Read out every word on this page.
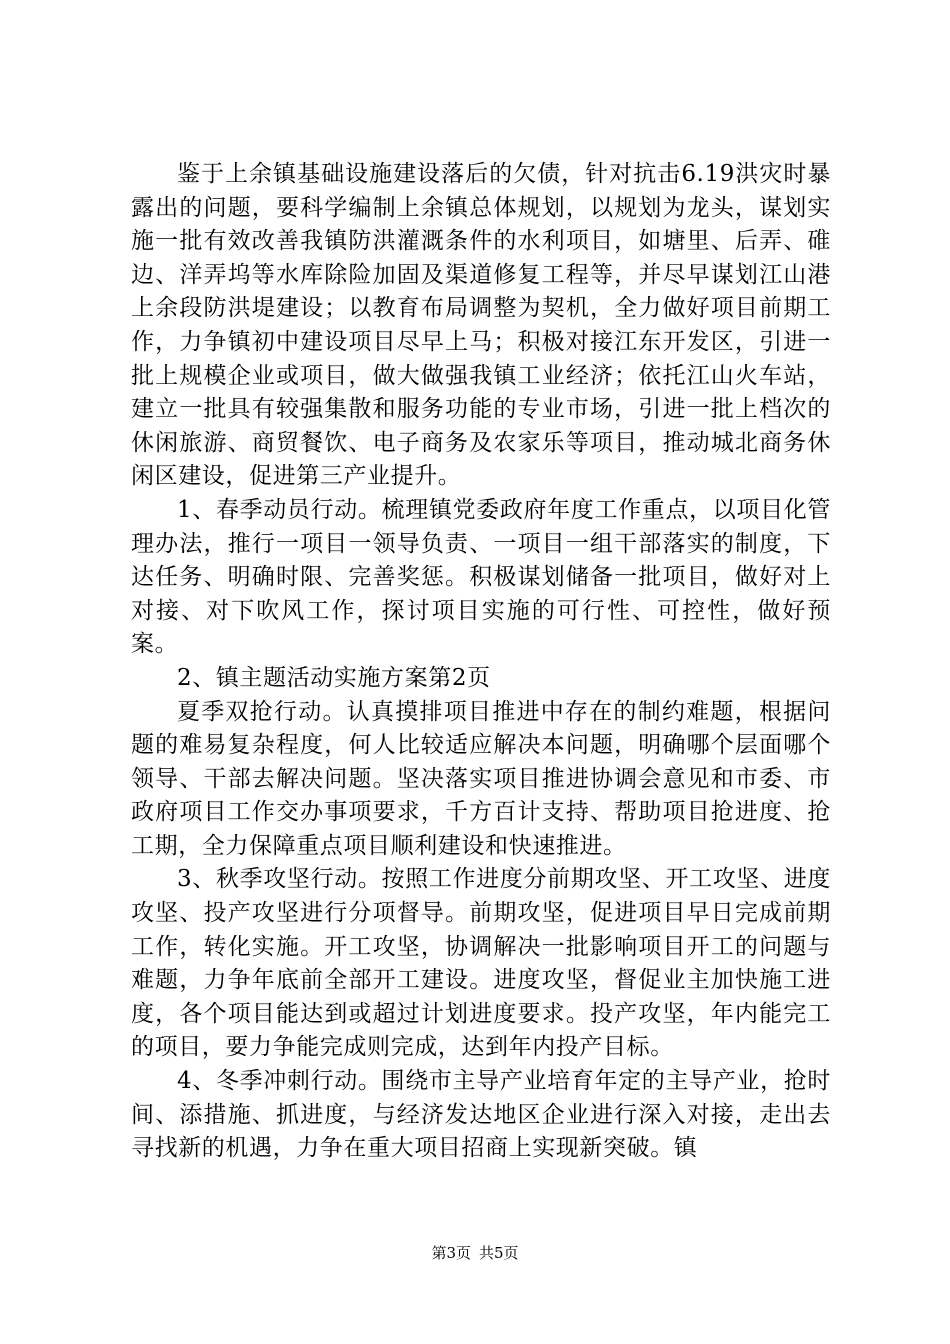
鉴于上余镇基础设施建设落后的欠债，针对抗击6.19洪灾时暴露出的问题，要科学编制上余镇总体规划，以规划为龙头，谋划实施一批有效改善我镇防洪灌溉条件的水利项目，如塘里、后弄、碓边、洋弄坞等水库除险加固及渠道修复工程等，并尽早谋划江山港上余段防洪堤建设；以教育布局调整为契机，全力做好项目前期工作，力争镇初中建设项目尽早上马；积极对接江东开发区，引进一批上规模企业或项目，做大做强我镇工业经济；依托江山火车站，建立一批具有较强集散和服务功能的专业市场，引进一批上档次的休闲旅游、商贸餐饮、电子商务及农家乐等项目，推动城北商务休闲区建设，促进第三产业提升。

1、春季动员行动。梳理镇党委政府年度工作重点，以项目化管理办法，推行一项目一领导负责、一项目一组干部落实的制度，下达任务、明确时限、完善奖惩。积极谋划储备一批项目，做好对上对接、对下吹风工作，探讨项目实施的可行性、可控性，做好预案。

2、镇主题活动实施方案第2页

夏季双抢行动。认真摸排项目推进中存在的制约难题，根据问题的难易复杂程度，何人比较适应解决本问题，明确哪个层面哪个领导、干部去解决问题。坚决落实项目推进协调会意见和市委、市政府项目工作交办事项要求，千方百计支持、帮助项目抢进度、抢工期，全力保障重点项目顺利建设和快速推进。

3、秋季攻坚行动。按照工作进度分前期攻坚、开工攻坚、进度攻坚、投产攻坚进行分项督导。前期攻坚，促进项目早日完成前期工作，转化实施。开工攻坚，协调解决一批影响项目开工的问题与难题，力争年底前全部开工建设。进度攻坚，督促业主加快施工进度，各个项目能达到或超过计划进度要求。投产攻坚，年内能完工的项目，要力争能完成则完成，达到年内投产目标。

4、冬季冲刺行动。围绕市主导产业培育年定的主导产业，抢时间、添措施、抓进度，与经济发达地区企业进行深入对接，走出去寻找新的机遇，力争在重大项目招商上实现新突破。镇

第3页 共5页
